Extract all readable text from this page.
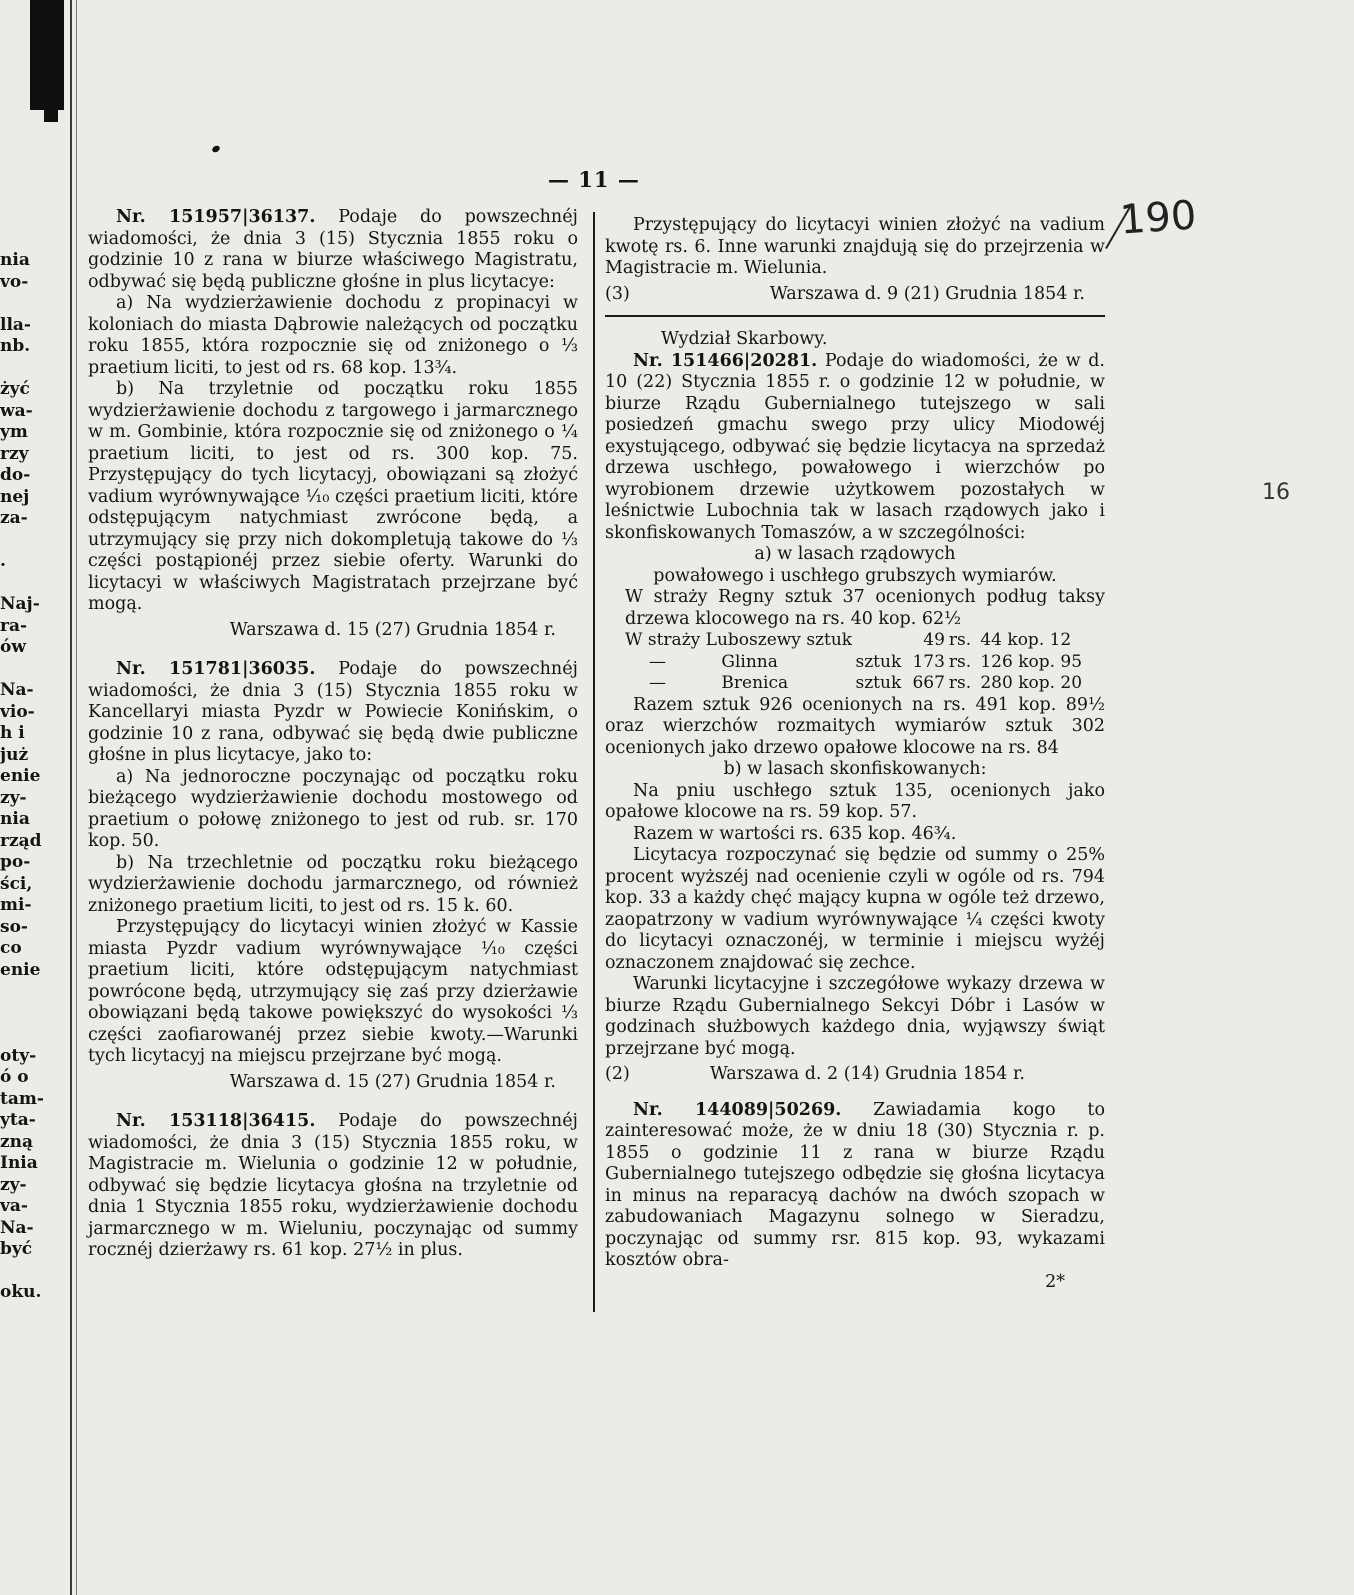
nia
vo-
lla-
nb.
żyć
wa-
ym
rzy
do-
nej
za-
.
Naj-
ra-
ów
Na-
vio-
h i
już
enie
zy-
nia
rząd
po-
ści,
mi-
so-
co
enie
oty-
ó o
tam-
yta-
zną
Inia
zy-
va-
Na-
być
oku.
— 11 —
190
16

Nr. 151957|36137. Podaje do powszechnéj wiadomości, że dnia 3 (15) Stycznia 1855 roku o godzinie 10 z rana w biurze właściwego Magistratu, odbywać się będą publiczne głośne in plus licytacye:

a) Na wydzierżawienie dochodu z propinacyi w koloniach do miasta Dąbrowie należących od początku roku 1855, która rozpocznie się od zniżonego o ⅓ praetium liciti, to jest od rs. 68 kop. 13¾.

b) Na trzyletnie od początku roku 1855 wydzierżawienie dochodu z targowego i jarmarcznego w m. Gombinie, która rozpocznie się od zniżonego o ¼ praetium liciti, to jest od rs. 300 kop. 75. Przystępujący do tych licytacyj, obowiązani są złożyć vadium wyrównywające ¹⁄₁₀ części praetium liciti, które odstępującym natychmiast zwrócone będą, a utrzymujący się przy nich dokompletują takowe do ⅓ części postąpionéj przez siebie oferty. Warunki do licytacyi w właściwych Magistratach przejrzane być mogą.

Warszawa d. 15 (27) Grudnia 1854 r.

Nr. 151781|36035. Podaje do powszechnéj wiadomości, że dnia 3 (15) Stycznia 1855 roku w Kancellaryi miasta Pyzdr w Powiecie Konińskim, o godzinie 10 z rana, odbywać się będą dwie publiczne głośne in plus licytacye, jako to:

a) Na jednoroczne poczynając od początku roku bieżącego wydzierżawienie dochodu mostowego od praetium o połowę zniżonego to jest od rub. sr. 170 kop. 50.

b) Na trzechletnie od początku roku bieżącego wydzierżawienie dochodu jarmarcznego, od również zniżonego praetium liciti, to jest od rs. 15 k. 60.

Przystępujący do licytacyi winien złożyć w Kassie miasta Pyzdr vadium wyrównywające ¹⁄₁₀ części praetium liciti, które odstępującym natychmiast powrócone będą, utrzymujący się zaś przy dzierżawie obowiązani będą takowe powiększyć do wysokości ⅓ części zaofiarowanéj przez siebie kwoty.—Warunki tych licytacyj na miejscu przejrzane być mogą.

Warszawa d. 15 (27) Grudnia 1854 r.

Nr. 153118|36415. Podaje do powszechnéj wiadomości, że dnia 3 (15) Stycznia 1855 roku, w Magistracie m. Wielunia o godzinie 12 w południe, odbywać się będzie licytacya głośna na trzyletnie od dnia 1 Stycznia 1855 roku, wydzierżawienie dochodu jarmarcznego w m. Wieluniu, poczynając od summy rocznéj dzierżawy rs. 61 kop. 27½ in plus.

Przystępujący do licytacyi winien złożyć na vadium kwotę rs. 6. Inne warunki znajdują się do przejrzenia w Magistracie m. Wielunia.

(3)	Warszawa d. 9 (21) Grudnia 1854 r.

Wydział Skarbowy.

Nr. 151466|20281. Podaje do wiadomości, że w d. 10 (22) Stycznia 1855 r. o godzinie 12 w południe, w biurze Rządu Gubernialnego tutejszego w sali posiedzeń gmachu swego przy ulicy Miodowéj exystującego, odbywać się będzie licytacya na sprzedaż drzewa uschłego, powałowego i wierzchów po wyrobionem drzewie użytkowem pozostałych w leśnictwie Lubochnia tak w lasach rządowych jako i skonfiskowanych Tomaszów, a w szczególności:

a) w lasach rządowych

powałowego i uschłego grubszych wymiarów.

W straży Regny sztuk 37 ocenionych podług taksy drzewa klocowego na rs. 40 kop. 62½

W straży Luboszewy sztuk		49	rs.	44 kop. 12
— Glinna	sztuk	173	rs.	126 kop. 95
— Brenica	sztuk	667	rs.	280 kop. 20

Razem sztuk 926 ocenionych na rs. 491 kop. 89½ oraz wierzchów rozmaitych wymiarów sztuk 302 ocenionych jako drzewo opałowe klocowe na rs. 84

b) w lasach skonfiskowanych:

Na pniu uschłego sztuk 135, ocenionych jako opałowe klocowe na rs. 59 kop. 57.

Razem w wartości rs. 635 kop. 46¾.

Licytacya rozpoczynać się będzie od summy o 25% procent wyższéj nad ocenienie czyli w ogóle od rs. 794 kop. 33 a każdy chęć mający kupna w ogóle też drzewo, zaopatrzony w vadium wyrównywające ¼ części kwoty do licytacyi oznaczonéj, w terminie i miejscu wyżéj oznaczonem znajdować się zechce.

Warunki licytacyjne i szczegółowe wykazy drzewa w biurze Rządu Gubernialnego Sekcyi Dóbr i Lasów w godzinach służbowych każdego dnia, wyjąwszy świąt przejrzane być mogą.

(2)	Warszawa d. 2 (14) Grudnia 1854 r.

Nr. 144089|50269. Zawiadamia kogo to zainteresować może, że w dniu 18 (30) Stycznia r. p. 1855 o godzinie 11 z rana w biurze Rządu Gubernialnego tutejszego odbędzie się głośna licytacya in minus na reparacyą dachów na dwóch szopach w zabudowaniach Magazynu solnego w Sieradzu, poczynając od summy rsr. 815 kop. 93, wykazami kosztów obra-

2*
